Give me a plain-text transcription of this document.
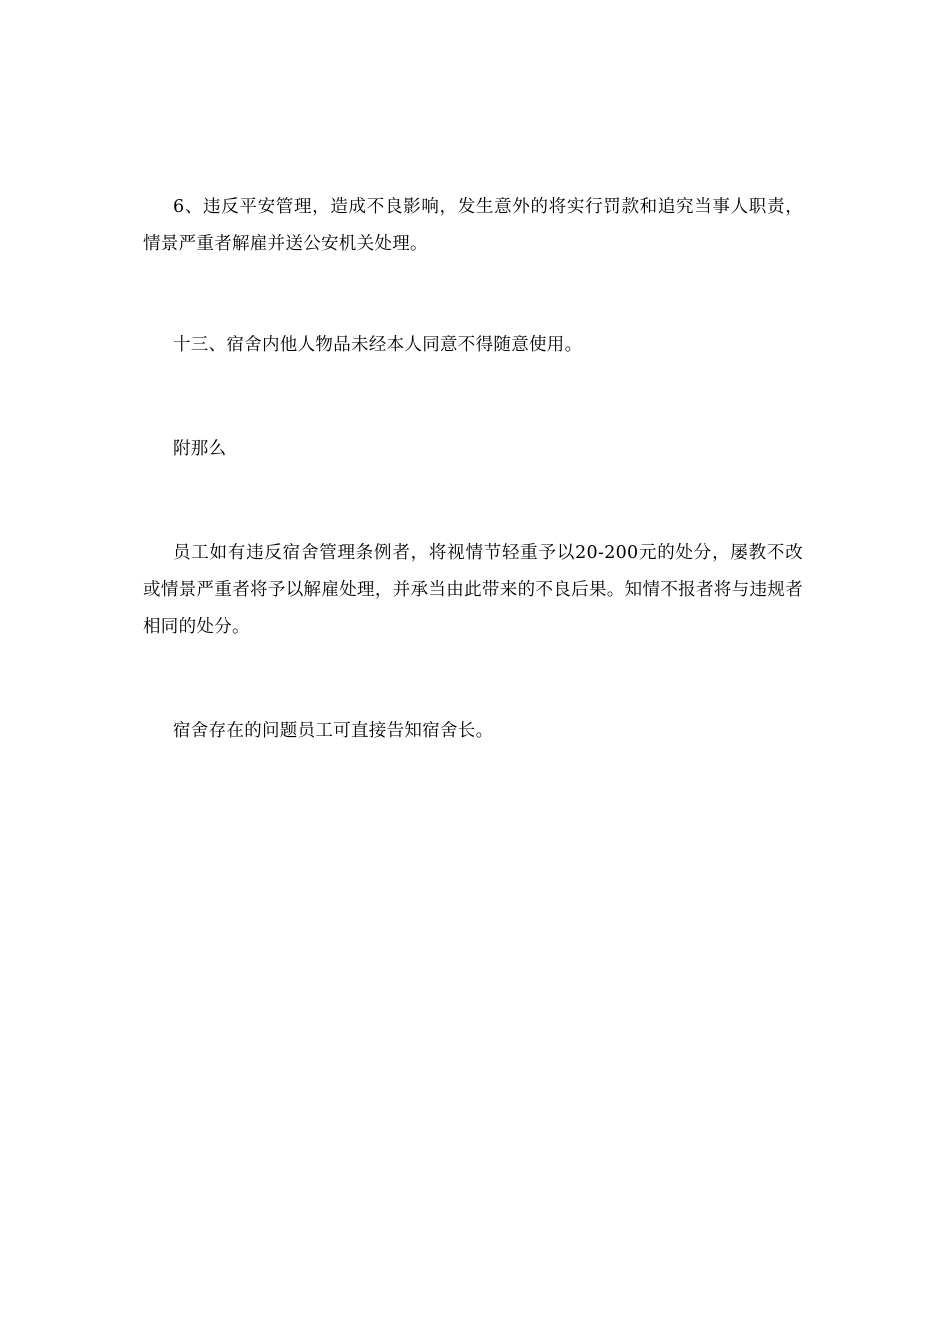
6、违反平安管理，造成不良影响，发生意外的将实行罚款和追究当事人职责，情景严重者解雇并送公安机关处理。

十三、宿舍内他人物品未经本人同意不得随意使用。

附那么

员工如有违反宿舍管理条例者，将视情节轻重予以20-200元的处分，屡教不改或情景严重者将予以解雇处理，并承当由此带来的不良后果。知情不报者将与违规者相同的处分。

宿舍存在的问题员工可直接告知宿舍长。
